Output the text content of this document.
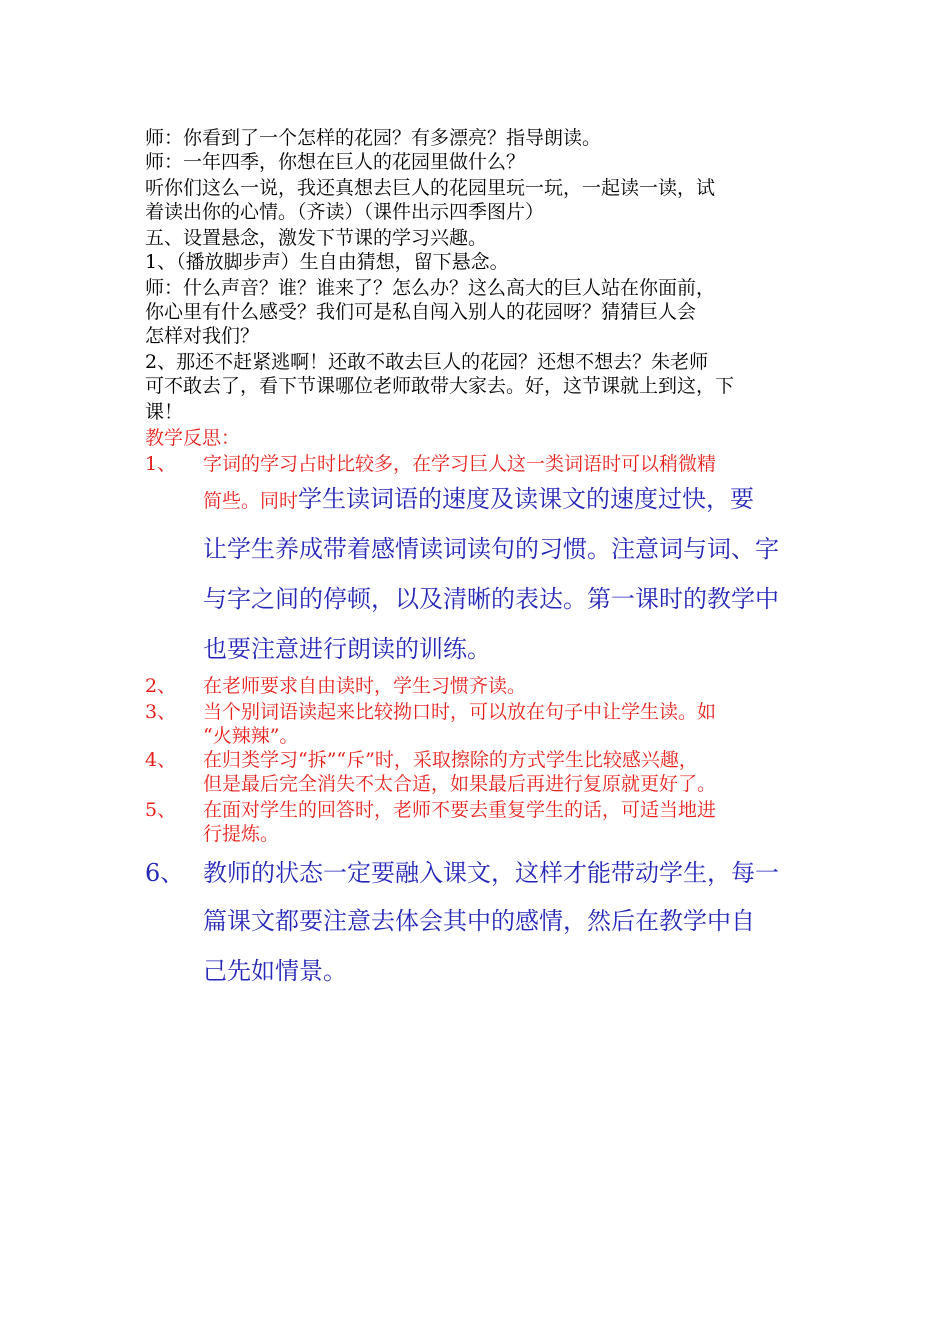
师：你看到了一个怎样的花园？有多漂亮？指导朗读。
师：一年四季，你想在巨人的花园里做什么？
听你们这么一说，我还真想去巨人的花园里玩一玩，一起读一读，试
着读出你的心情。（齐读）（课件出示四季图片）
五、设置悬念，激发下节课的学习兴趣。
1、（播放脚步声）生自由猜想，留下悬念。
师：什么声音？谁？谁来了？怎么办？这么高大的巨人站在你面前，
你心里有什么感受？我们可是私自闯入别人的花园呀？猜猜巨人会
怎样对我们？
2、那还不赶紧逃啊！还敢不敢去巨人的花园？还想不想去？朱老师
可不敢去了，看下节课哪位老师敢带大家去。好，这节课就上到这，下
课！
教学反思：
1、 字词的学习占时比较多，在学习巨人这一类词语时可以稍微精
简些。同时学生读词语的速度及读课文的速度过快，要
让学生养成带着感情读词读句的习惯。注意词与词、字
与字之间的停顿，以及清晰的表达。第一课时的教学中
也要注意进行朗读的训练。
2、 在老师要求自由读时，学生习惯齐读。
3、 当个别词语读起来比较拗口时，可以放在句子中让学生读。如
“火辣辣”。
4、 在归类学习“拆”“斥”时，采取擦除的方式学生比较感兴趣，
但是最后完全消失不太合适，如果最后再进行复原就更好了。
5、 在面对学生的回答时，老师不要去重复学生的话，可适当地进
行提炼。
6、 教师的状态一定要融入课文，这样才能带动学生，每一
篇课文都要注意去体会其中的感情，然后在教学中自
己先如情景。
